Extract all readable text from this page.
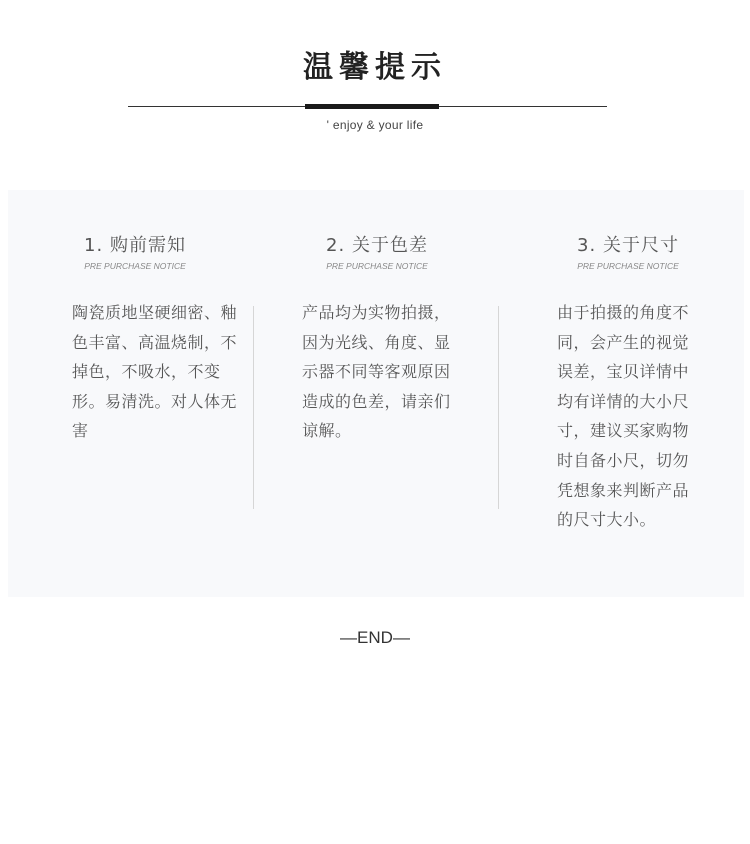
温馨提示
' enjoy & your life
1. 购前需知
PRE PURCHASE NOTICE
陶瓷质地坚硬细密、釉色丰富、高温烧制，不掉色，不吸水，不变形。易清洗。对人体无害
2. 关于色差
PRE PURCHASE NOTICE
产品均为实物拍摄，因为光线、角度、显示器不同等客观原因造成的色差，请亲们谅解。
3. 关于尺寸
PRE PURCHASE NOTICE
由于拍摄的角度不同，会产生的视觉误差，宝贝详情中均有详情的大小尺寸，建议买家购物时自备小尺，切勿凭想象来判断产品的尺寸大小。
—END—
